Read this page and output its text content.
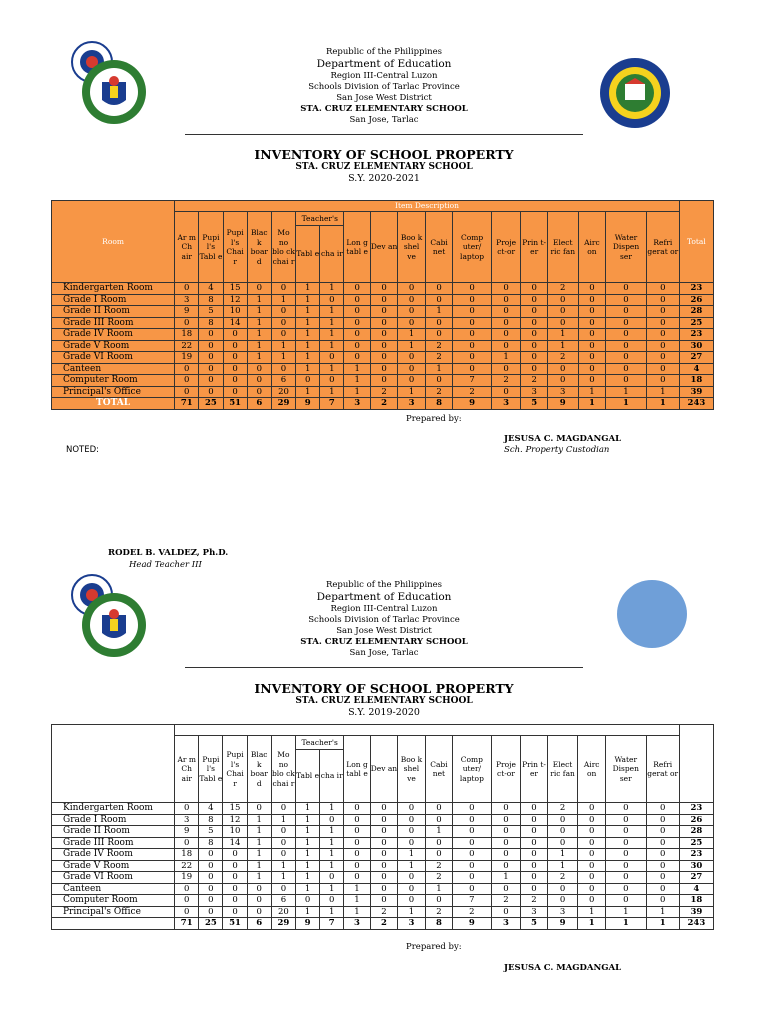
Republic of the Philippines
Department of Education
Region III-Central Luzon
Schools Division of Tarlac Province
San Jose West District
STA. CRUZ ELEMENTARY SCHOOL
San Jose, Tarlac
INVENTORY OF SCHOOL PROPERTY
STA. CRUZ ELEMENTARY SCHOOL
S.Y. 2020-2021
Room	Item Description																		Total
	Ar m Ch air	Pupi l's Tabl e	Pupi l's Chai r	Blac k boar d	Mo no blo ck chai r	Teacher's		Lon g tabl e	Dev an	Boo k shel ve	Cabi net	Comp uter/ laptop	Proje ct-or	Prin t-er	Elect ric fan	Airc on	Water Dispen ser	Refri gerat or	
						Tabl e	cha ir												
Kindergarten Room	0	4	15	0	0	1	1	0	0	0	0	0	0	0	2	0	0	0	23
Grade I Room	3	8	12	1	1	1	0	0	0	0	0	0	0	0	0	0	0	0	26
Grade II Room	9	5	10	1	0	1	1	0	0	0	1	0	0	0	0	0	0	0	28
Grade III Room	0	8	14	1	0	1	1	0	0	0	0	0	0	0	0	0	0	0	25
Grade IV Room	18	0	0	1	0	1	1	0	0	1	0	0	0	0	1	0	0	0	23
Grade V Room	22	0	0	1	1	1	1	0	0	1	2	0	0	0	1	0	0	0	30
Grade VI Room	19	0	0	1	1	1	0	0	0	0	2	0	1	0	2	0	0	0	27
Canteen	0	0	0	0	0	1	1	1	0	0	1	0	0	0	0	0	0	0	4
Computer Room	0	0	0	0	6	0	0	1	0	0	0	7	2	2	0	0	0	0	18
Principal's Office	0	0	0	0	20	1	1	1	2	1	2	2	0	3	3	1	1	1	39
TOTAL	71	25	51	6	29	9	7	3	2	3	8	9	3	5	9	1	1	1	243
Prepared by:
JESUSA C. MAGDANGAL
Sch. Property Custodian
NOTED:
RODEL B. VALDEZ, Ph.D.
Head Teacher III
Republic of the Philippines
Department of Education
Region III-Central Luzon
Schools Division of Tarlac Province
San Jose West District
STA. CRUZ ELEMENTARY SCHOOL
San Jose, Tarlac
INVENTORY OF SCHOOL PROPERTY
STA. CRUZ ELEMENTARY SCHOOL
S.Y. 2019-2020

	Ar m Ch air	Pupi l's Tabl e	Pupi l's Chai r	Blac k boar d	Mo no blo ck chai r	Teacher's		Lon g tabl e	Dev an	Boo k shel ve	Cabi net	Comp uter/ laptop	Proje ct-or	Prin t-er	Elect ric fan	Airc on	Water Dispen ser	Refri gerat or	
						Tabl e	cha ir												
Kindergarten Room	0	4	15	0	0	1	1	0	0	0	0	0	0	0	2	0	0	0	23
Grade I Room	3	8	12	1	1	1	0	0	0	0	0	0	0	0	0	0	0	0	26
Grade II Room	9	5	10	1	0	1	1	0	0	0	1	0	0	0	0	0	0	0	28
Grade III Room	0	8	14	1	0	1	1	0	0	0	0	0	0	0	0	0	0	0	25
Grade IV Room	18	0	0	1	0	1	1	0	0	1	0	0	0	0	1	0	0	0	23
Grade V Room	22	0	0	1	1	1	1	0	0	1	2	0	0	0	1	0	0	0	30
Grade VI Room	19	0	0	1	1	1	0	0	0	0	2	0	1	0	2	0	0	0	27
Canteen	0	0	0	0	0	1	1	1	0	0	1	0	0	0	0	0	0	0	4
Computer Room	0	0	0	0	6	0	0	1	0	0	0	7	2	2	0	0	0	0	18
Principal's Office	0	0	0	0	20	1	1	1	2	1	2	2	0	3	3	1	1	1	39
	71	25	51	6	29	9	7	3	2	3	8	9	3	5	9	1	1	1	243
Prepared by:
JESUSA C. MAGDANGAL
